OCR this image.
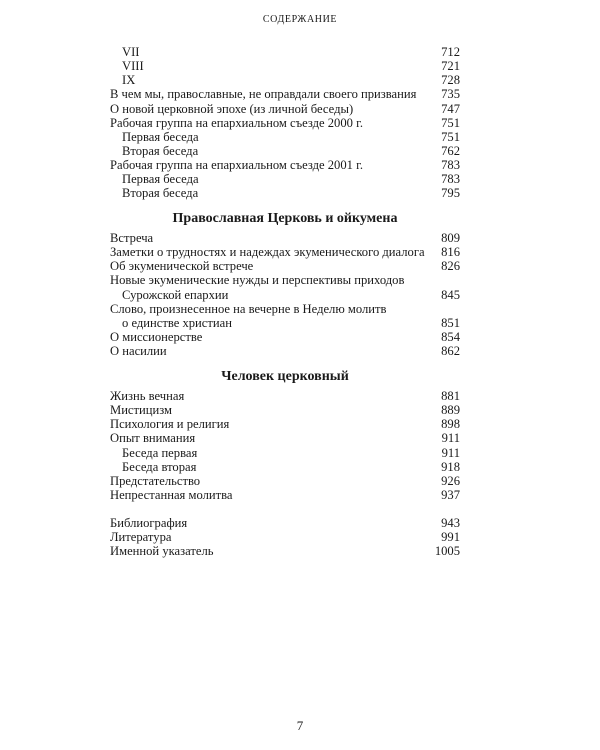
СОДЕРЖАНИЕ
VII	712
VIII	721
IX	728
В чем мы, православные, не оправдали своего призвания 735
О новой церковной эпохе (из личной беседы)	747
Рабочая группа на епархиальном съезде 2000 г.	751
Первая беседа	751
Вторая беседа	762
Рабочая группа на епархиальном съезде 2001 г.	783
Первая беседа	783
Вторая беседа	795
Православная Церковь и ойкумена
Встреча	809
Заметки о трудностях и надеждах экуменического диалога 816
Об экуменической встрече	826
Новые экуменические нужды и перспективы приходов
Сурожской епархии	845
Слово, произнесенное на вечерне в Неделю молитв
о единстве христиан	851
О миссионерстве	854
О насилии	862
Человек церковный
Жизнь вечная	881
Мистицизм	889
Психология и религия	898
Опыт внимания	911
Беседа первая	911
Беседа вторая	918
Предстательство	926
Непрестанная молитва	937
Библиография	943
Литература	991
Именной указатель	1005
7
